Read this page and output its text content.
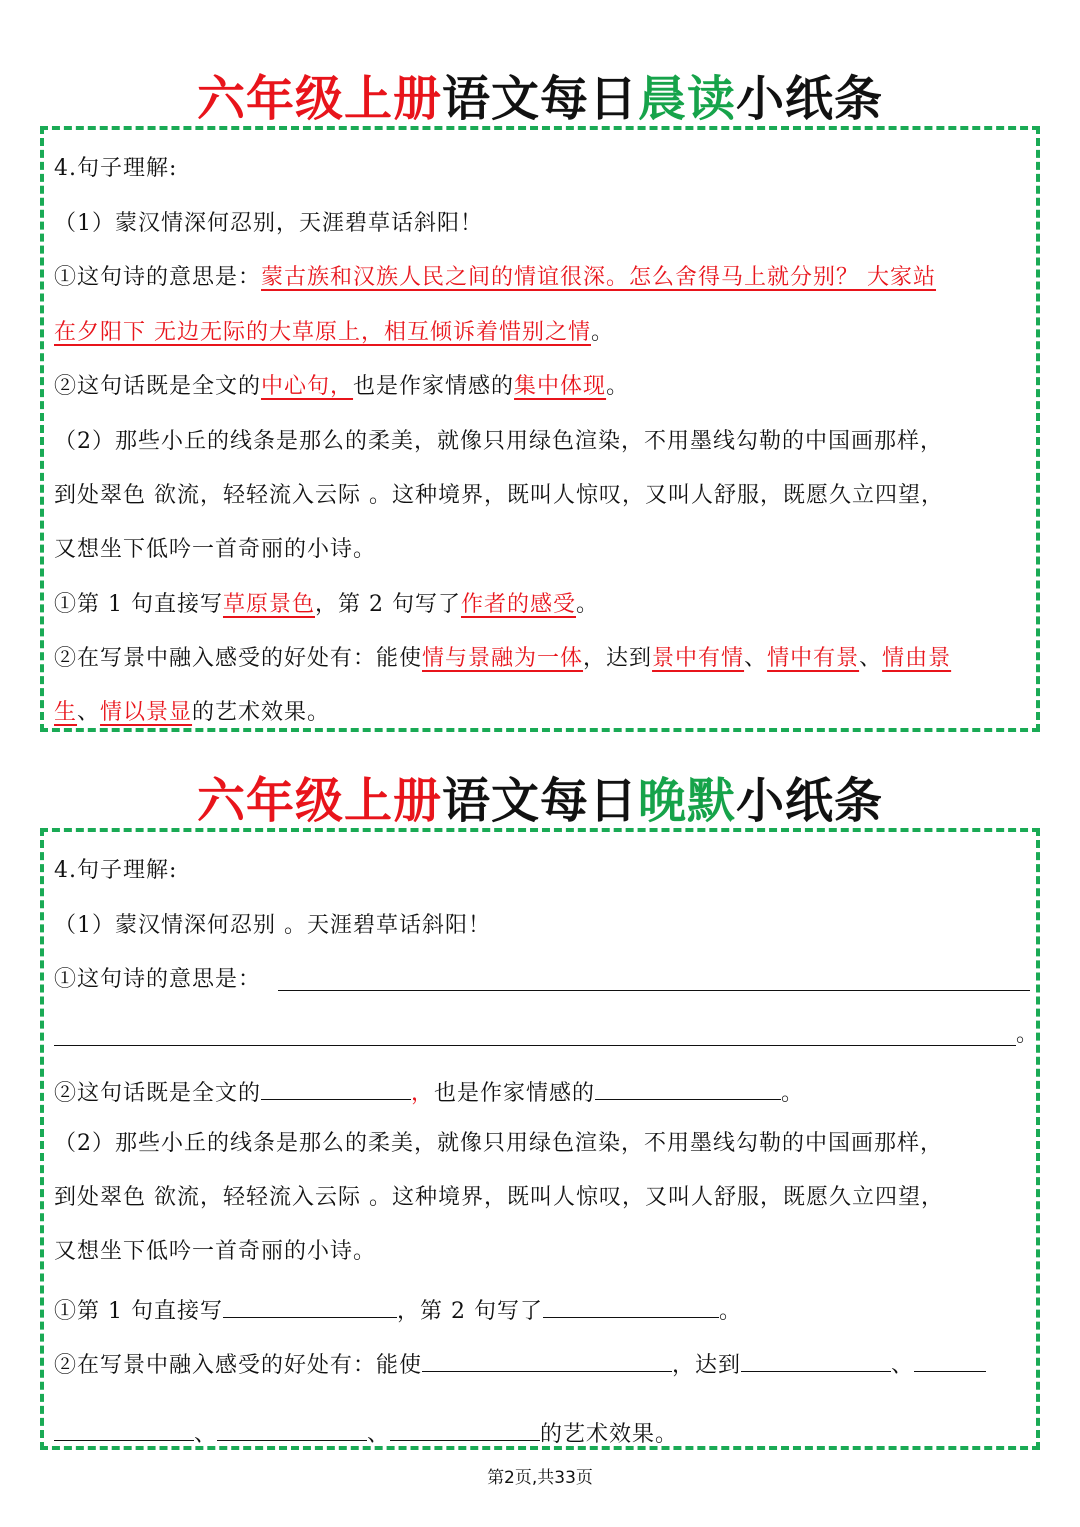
六年级上册语文每日晨读小纸条
4.句子理解:
（1）蒙汉情深何忍别，天涯碧草话斜阳！
①这句诗的意思是：蒙古族和汉族人民之间的情谊很深。怎么舍得马上就分别？ 大家站
在夕阳下 无边无际的大草原上，相互倾诉着惜别之情。
②这句话既是全文的中心句，也是作家情感的集中体现。
（2）那些小丘的线条是那么的柔美，就像只用绿色渲染，不用墨线勾勒的中国画那样，
到处翠色 欲流，轻轻流入云际 。这种境界，既叫人惊叹，又叫人舒服，既愿久立四望，
又想坐下低吟一首奇丽的小诗。
①第 1 句直接写草原景色，第 2 句写了作者的感受。
②在写景中融入感受的好处有：能使情与景融为一体，达到景中有情、情中有景、情由景
生、情以景显的艺术效果。
六年级上册语文每日晚默小纸条
4.句子理解:
（1）蒙汉情深何忍别 。天涯碧草话斜阳！
①这句诗的意思是：
。
②这句话既是全文的	，也是作家情感的	。
（2）那些小丘的线条是那么的柔美，就像只用绿色渲染，不用墨线勾勒的中国画那样，
到处翠色 欲流，轻轻流入云际 。这种境界，既叫人惊叹，又叫人舒服，既愿久立四望，
又想坐下低吟一首奇丽的小诗。
①第 1 句直接写	，第 2 句写了	。
②在写景中融入感受的好处有：能使	，达到	、
、	、	的艺术效果。
第2页,共33页
